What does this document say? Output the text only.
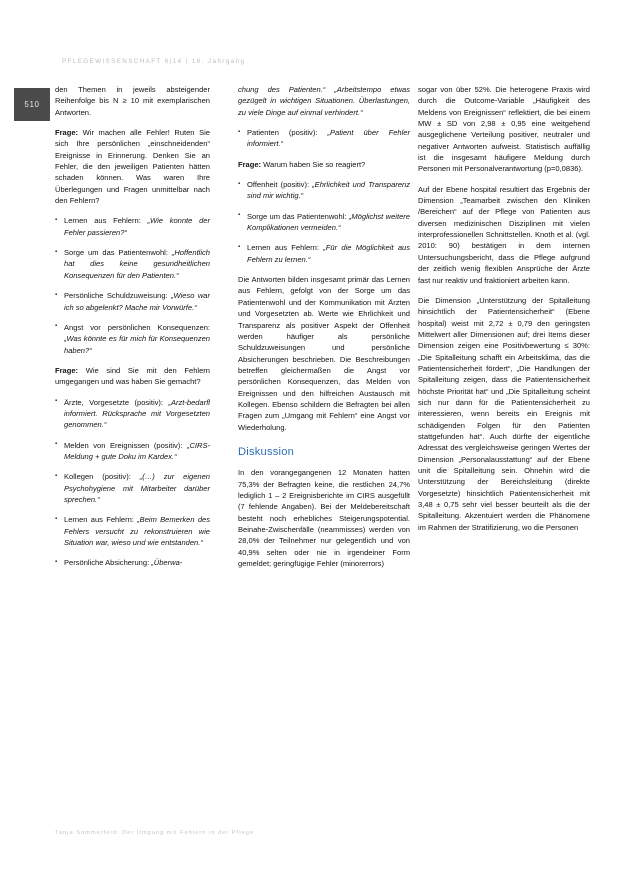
PFLEGEWISSENSCHAFT 6|14 | 16. Jahrgang
510

den Themen in jeweils absteigender Reihenfolge bis N ≥ 10 mit exemplarischen Antworten.

Frage: Wir machen alle Fehler! Ruten Sie sich Ihre persönlichen „einschneidenden“ Ereignisse in Erinnerung. Denken Sie an Fehler, die den jeweiligen Patienten hätten schaden können. Was waren Ihre Überlegungen und Fragen unmittelbar nach den Fehlern?

▪ Lernen aus Fehlern: „Wie konnte der Fehler passieren?“
▪ Sorge um das Patientenwohl: „Hoffentlich hat dies keine gesundheitlichen Konsequenzen für den Patienten.“
▪ Persönliche Schuldzuweisung: „Wieso war ich so abgelenkt? Mache mir Vorwürfe.“
▪ Angst vor persönlichen Konsequenzen: „Was könnte es für mich für Konsequenzen haben?“

Frage: Wie sind Sie mit den Fehlern umgegangen und was haben Sie gemacht?

▪ Ärzte, Vorgesetzte (positiv): „Arzt-bedarfl informiert. Rücksprache mit Vorgesetzten genommen.“
▪ Melden von Ereignissen (positiv): „CIRS-Meldung + gute Doku im Kardex.“
▪ Kollegen (positiv): „(…) zur eigenen Psychohygiene mit Mitarbeiter darüber sprechen.“
▪ Lernen aus Fehlern: „Beim Bemerken des Fehlers versucht zu rekonstruieren wie Situation war, wieso und wie entstanden.“
▪ Persönliche Absicherung: „Überwa-

chung des Patienten.“ „Arbeitstempo etwas gezügelt in wichtigen Situationen. Überlastungen, zu viele Dinge auf einmal verhindert.“

▪ Patienten (positiv): „Patient über Fehler informiert.“

Frage: Warum haben Sie so reagiert?

▪ Offenheit (positiv): „Ehrlichkeit und Transparenz sind mir wichtig.“
▪ Sorge um das Patientenwohl: „Möglichst weitere Komplikationen vermeiden.“
▪ Lernen aus Fehlern: „Für die Möglichkeit aus Fehlern zu lernen.“

Die Antworten bilden insgesamt primär das Lernen aus Fehlern, gefolgt von der Sorge um das Patientenwohl und der Kommunikation mit Ärzten und Vorgesetzten ab. Werte wie Ehrlichkeit und Transparenz als positiver Aspekt der Offenheit werden häufiger als persönliche Schuldzuweisungen und persönliche Absicherungen beschrieben. Die Beschreibungen betreffen gleichermaßen die Angst vor persönlichen Konsequenzen, das Melden von Ereignissen und den hilfreichen Austausch mit Kollegen. Ebenso schildern die Befragten bei allen Fragen zum „Umgang mit Fehlern“ eine Angst vor Wiederholung.

Diskussion

In den vorangegangenen 12 Monaten hatten 75,3% der Befragten keine, die restlichen 24,7% lediglich 1 – 2 Ereignisberichte im CIRS ausgefüllt (7 fehlende Angaben). Bei der Meldebereitschaft besteht noch erhebliches Steigerungspotential. Beinahe-Zwischenfälle (neammisses) werden von 28,0% der Teilnehmer nur gelegentlich und von 40,9% selten oder nie in irgendeiner Form gemeldet; geringfügige Fehler (minorerrors)

sogar von über 52%. Die heterogene Praxis wird durch die Outcome-Variable „Häufigkeit des Meldens von Ereignissen“ reflektiert, die bei einem MW ± SD von 2,98 ± 0,95 eine weitgehend ausgeglichene Verteilung positiver, neutraler und negativer Antworten aufweist. Statistisch auffällig ist die insgesamt häufigere Meldung durch Personen mit Personalverantwortung (p=0,0836).

Auf der Ebene hospital resultiert das Ergebnis der Dimension „Teamarbeit zwischen den Kliniken /Bereichen“ auf der Pflege von Patienten aus diversen medizinischen Disziplinen mit vielen interprofessionellen Schnittstellen. Knoth et al. (vgl. 2010: 90) bestätigen in dem internen Untersuchungsbericht, dass die Pflege aufgrund der zeitlich wenig flexiblen Ansprüche der Ärzte fast nur reaktiv und fraktioniert arbeiten kann.

Die Dimension „Unterstützung der Spitalleitung hinsichtlich der Patientensicherheit“ (Ebene hospital) weist mit 2,72 ± 0,79 den geringsten Mittelwert aller Dimensionen auf; drei Items dieser Dimension zeigen eine Positivbewertung ≤ 30%: „Die Spitalleitung schafft ein Arbeitsklima, das die Patientensicherheit fördert“, „Die Handlungen der Spitalleitung zeigen, dass die Patientensicherheit höchste Priorität hat“ und „Die Spitalleitung scheint sich nur dann für die Patientensicherheit zu interessieren, wenn bereits ein Ereignis mit schädigenden Folgen für den Patienten stattgefunden hat“. Auch dürfte der eigentliche Adressat des vergleichsweise geringen Wertes der Dimension „Personalausstattung“ auf der Ebene unit die Spitalleitung sein. Ohnehin wird die Unterstützung der Bereichsleitung (direkte Vorgesetzte) hinsichtlich Patientensicherheit mit 3,48 ± 0,75 sehr viel besser beurteilt als die der Spitalleitung. Akzentuiert werden die Phänomene im Rahmen der Stratifizierung, wo die Personen

Tanja Sommerfeld: Der Umgang mit Fehlern in der Pflege
